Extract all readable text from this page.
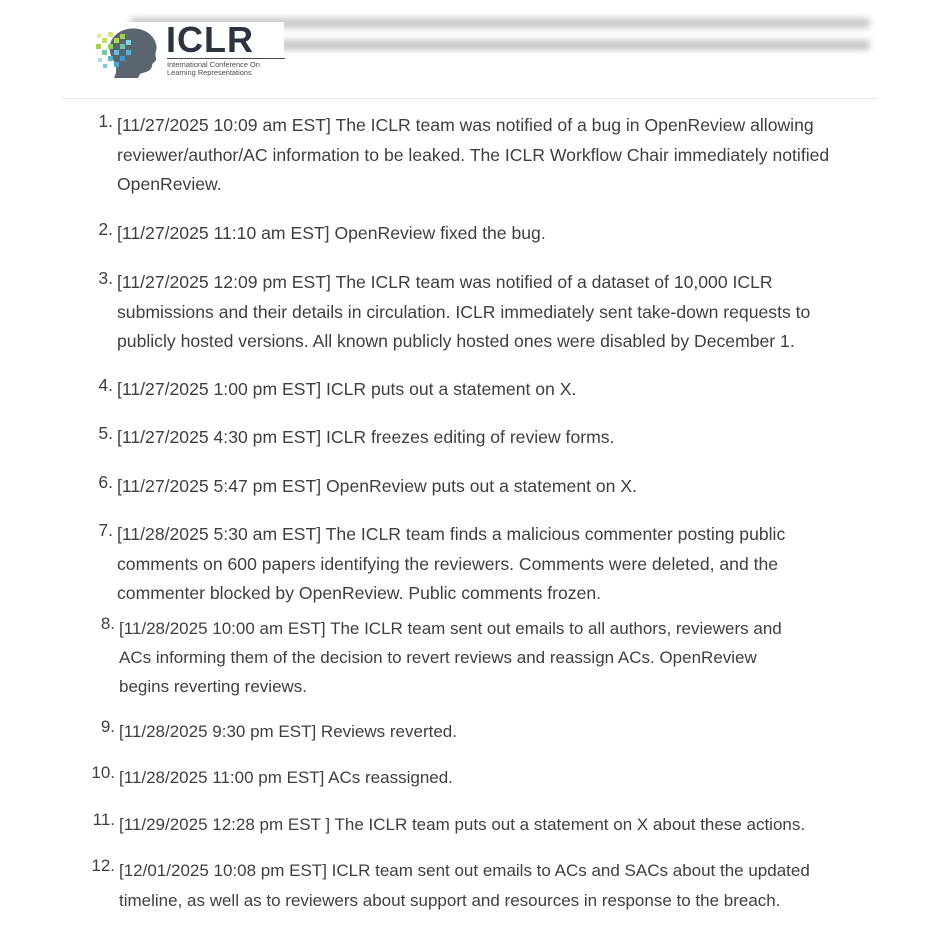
ICLR
International Conference On
Learning Representations
1. [11/27/2025 10:09 am EST] The ICLR team was notified of a bug in OpenReview allowing
reviewer/author/AC information to be leaked. The ICLR Workflow Chair immediately notified
OpenReview.
2. [11/27/2025 11:10 am EST] OpenReview fixed the bug.
3. [11/27/2025 12:09 pm EST] The ICLR team was notified of a dataset of 10,000 ICLR
submissions and their details in circulation. ICLR immediately sent take-down requests to
publicly hosted versions. All known publicly hosted ones were disabled by December 1.
4. [11/27/2025 1:00 pm EST] ICLR puts out a statement on X.
5. [11/27/2025 4:30 pm EST] ICLR freezes editing of review forms.
6. [11/27/2025 5:47 pm EST] OpenReview puts out a statement on X.
7. [11/28/2025 5:30 am EST] The ICLR team finds a malicious commenter posting public
comments on 600 papers identifying the reviewers. Comments were deleted, and the
commenter blocked by OpenReview. Public comments frozen.
8. [11/28/2025 10:00 am EST] The ICLR team sent out emails to all authors, reviewers and
ACs informing them of the decision to revert reviews and reassign ACs. OpenReview
begins reverting reviews.
9. [11/28/2025 9:30 pm EST] Reviews reverted.
10. [11/28/2025 11:00 pm EST] ACs reassigned.
11. [11/29/2025 12:28 pm EST ] The ICLR team puts out a statement on X about these actions.
12. [12/01/2025 10:08 pm EST] ICLR team sent out emails to ACs and SACs about the updated
timeline, as well as to reviewers about support and resources in response to the breach.
